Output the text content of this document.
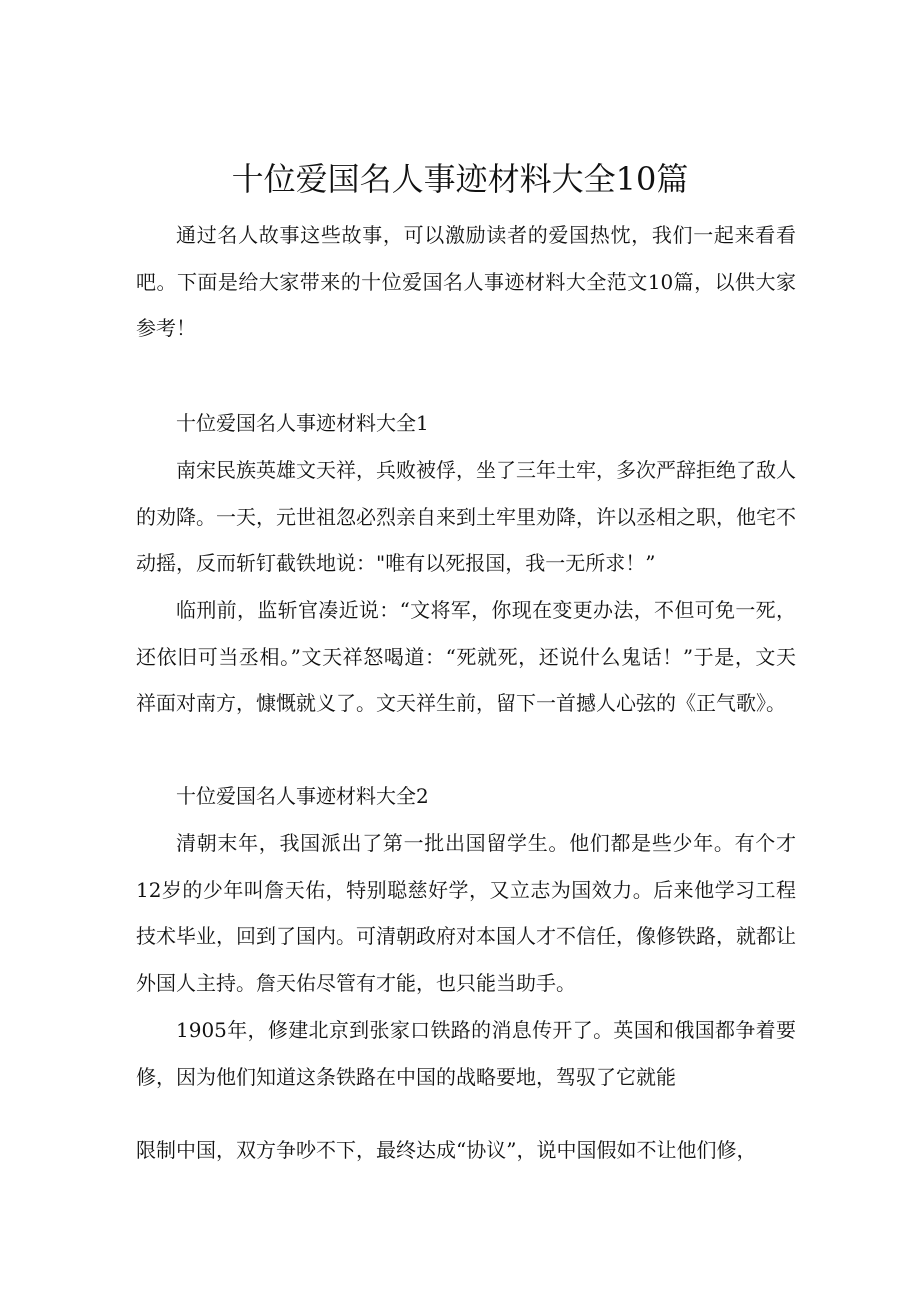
十位爱国名人事迹材料大全10篇

通过名人故事这些故事，可以激励读者的爱国热忱，我们一起来看看吧。下面是给大家带来的十位爱国名人事迹材料大全范文10篇，以供大家参考！

十位爱国名人事迹材料大全1

南宋民族英雄文天祥，兵败被俘，坐了三年土牢，多次严辞拒绝了敌人的劝降。一天，元世祖忽必烈亲自来到土牢里劝降，许以丞相之职，他宅不动摇，反而斩钉截铁地说："唯有以死报国，我一无所求！”

临刑前，监斩官凑近说：“文将军，你现在变更办法，不但可免一死，还依旧可当丞相。”文天祥怒喝道：“死就死，还说什么鬼话！”于是，文天祥面对南方，慷慨就义了。文天祥生前，留下一首撼人心弦的《正气歌》。

十位爱国名人事迹材料大全2

清朝末年，我国派出了第一批出国留学生。他们都是些少年。有个才12岁的少年叫詹天佑，特别聪慈好学，又立志为国效力。后来他学习工程技术毕业，回到了国内。可清朝政府对本国人才不信任，像修铁路，就都让外国人主持。詹天佑尽管有才能，也只能当助手。

1905年，修建北京到张家口铁路的消息传开了。英国和俄国都争着要修，因为他们知道这条铁路在中国的战略要地，驾驭了它就能

限制中国，双方争吵不下，最终达成“协议”，说中国假如不让他们修，
